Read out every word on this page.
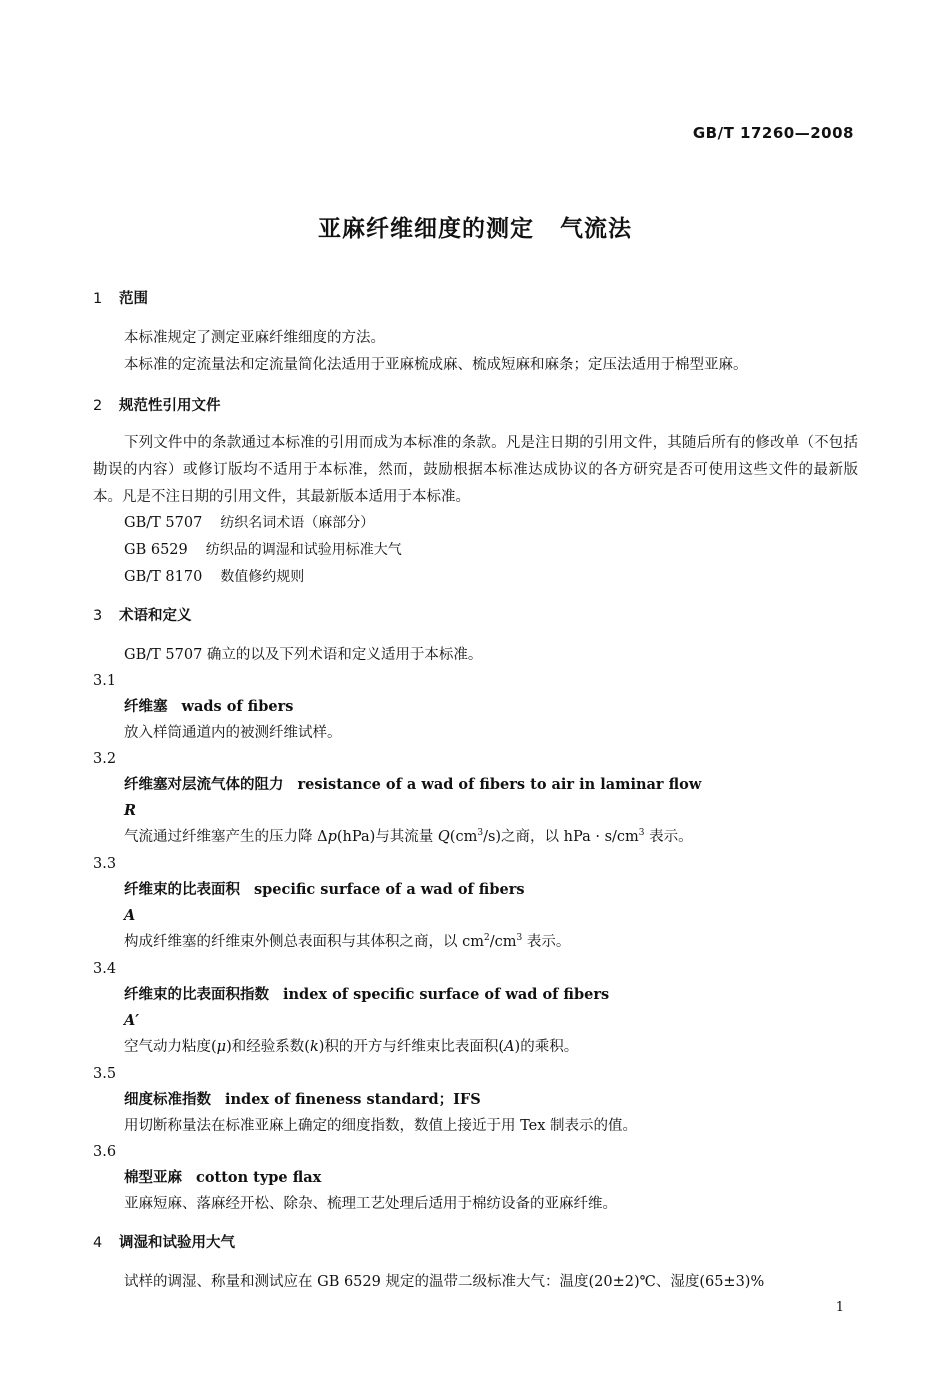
GB/T 17260—2008
亚麻纤维细度的测定 气流法
1 范围
本标准规定了测定亚麻纤维细度的方法。
本标准的定流量法和定流量简化法适用于亚麻梳成麻、梳成短麻和麻条；定压法适用于棉型亚麻。
2 规范性引用文件
下列文件中的条款通过本标准的引用而成为本标准的条款。凡是注日期的引用文件，其随后所有的修改单（不包括勘误的内容）或修订版均不适用于本标准，然而，鼓励根据本标准达成协议的各方研究是否可使用这些文件的最新版本。凡是不注日期的引用文件，其最新版本适用于本标准。
GB/T 5707 纺织名词术语（麻部分）
GB 6529 纺织品的调湿和试验用标准大气
GB/T 8170 数值修约规则
3 术语和定义
GB/T 5707 确立的以及下列术语和定义适用于本标准。
3.1
纤维塞 wads of fibers
放入样筒通道内的被测纤维试样。
3.2
纤维塞对层流气体的阻力 resistance of a wad of fibers to air in laminar flow
R
气流通过纤维塞产生的压力降 Δp(hPa)与其流量 $Q(cm^3/s)$之商，以 hPa · $s/cm^3$ 表示。
3.3
纤维束的比表面积 specific surface of a wad of fibers
A
构成纤维塞的纤维束外侧总表面积与其体积之商，以 $cm^2/cm^3$ 表示。
3.4
纤维束的比表面积指数 index of specific surface of wad of fibers
A′
空气动力粘度(μ)和经验系数(k)积的开方与纤维束比表面积(A)的乘积。
3.5
细度标准指数 index of fineness standard；IFS
用切断称量法在标准亚麻上确定的细度指数，数值上接近于用 Tex 制表示的值。
3.6
棉型亚麻 cotton type flax
亚麻短麻、落麻经开松、除杂、梳理工艺处理后适用于棉纺设备的亚麻纤维。
4 调湿和试验用大气
试样的调湿、称量和测试应在 GB 6529 规定的温带二级标准大气：温度(20±2)℃、湿度(65±3)%
1
